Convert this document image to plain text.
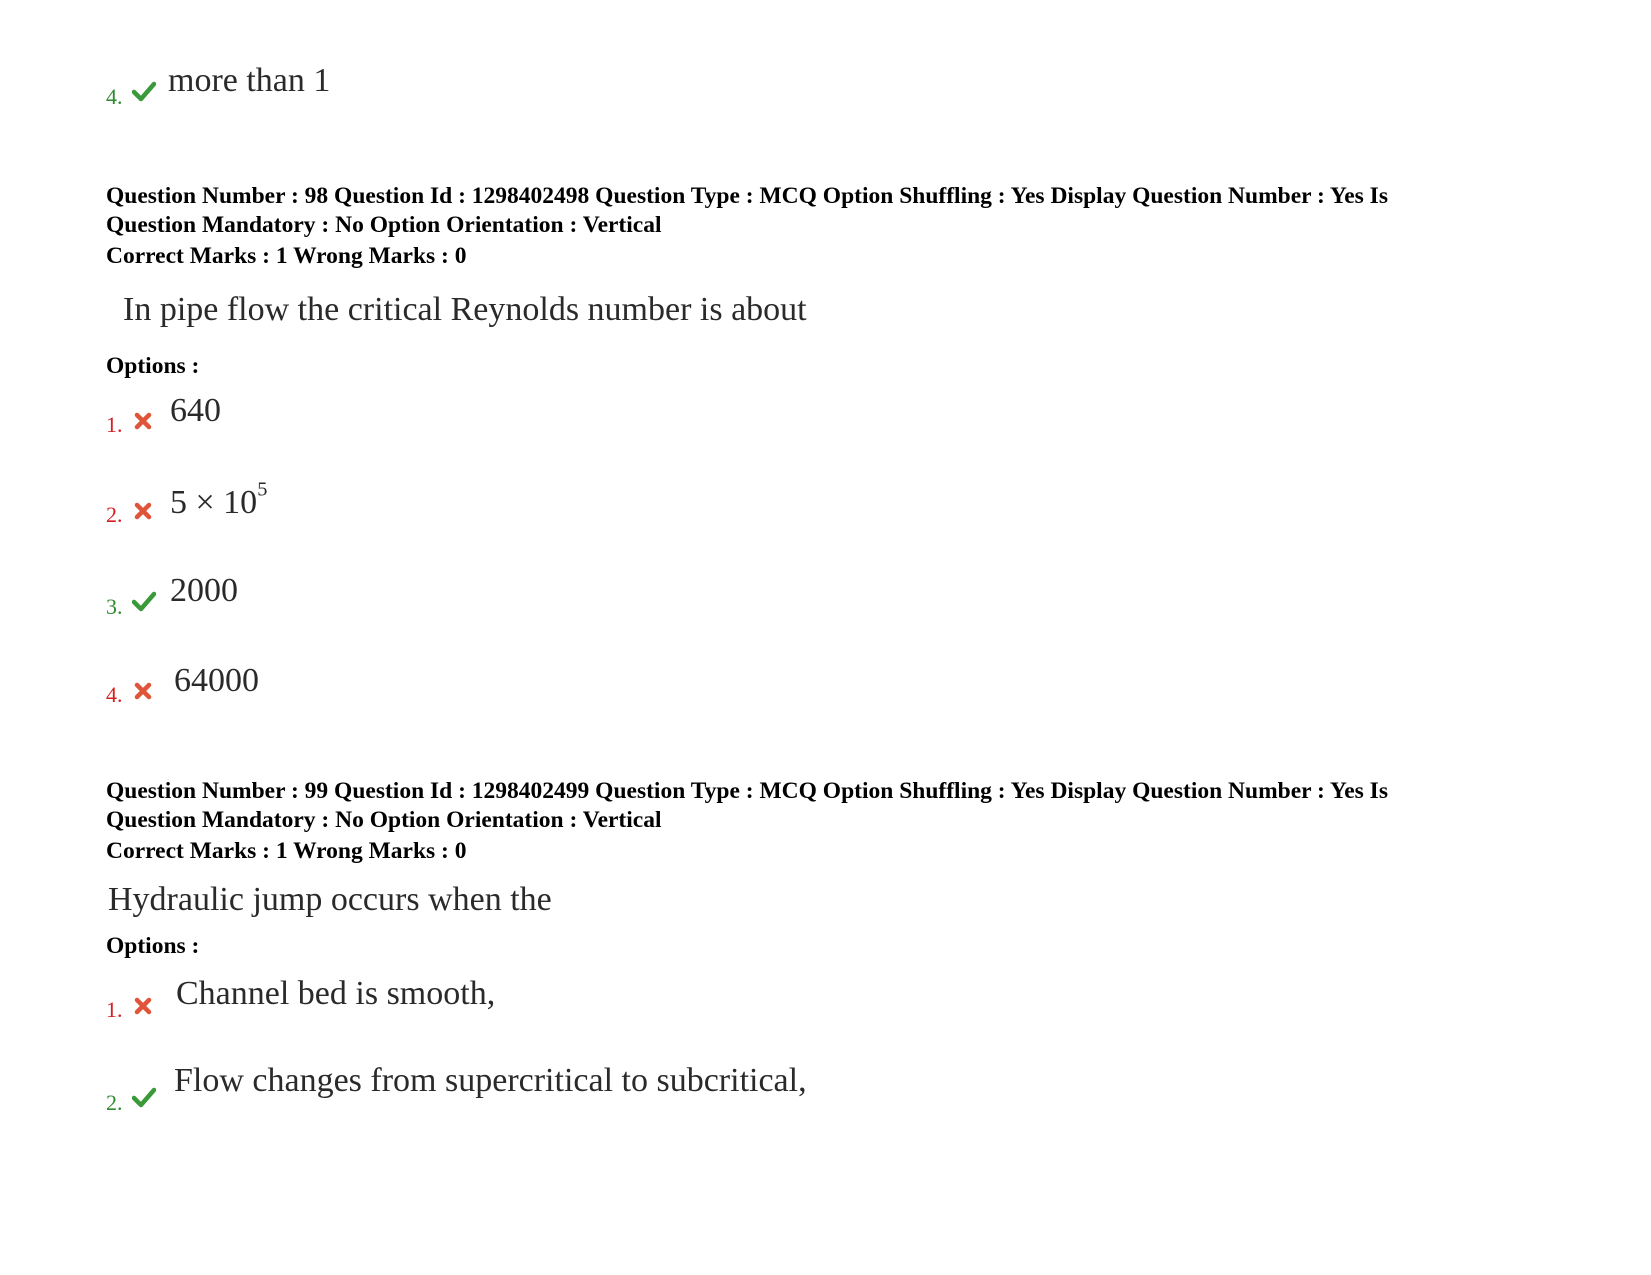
4. more than 1
Question Number : 98 Question Id : 1298402498 Question Type : MCQ Option Shuffling : Yes Display Question Number : Yes Is
Question Mandatory : No Option Orientation : Vertical
Correct Marks : 1 Wrong Marks : 0
In pipe flow the critical Reynolds number is about
Options :
1. 640
2. $5 \times 10^5$
3. 2000
4. 64000
Question Number : 99 Question Id : 1298402499 Question Type : MCQ Option Shuffling : Yes Display Question Number : Yes Is
Question Mandatory : No Option Orientation : Vertical
Correct Marks : 1 Wrong Marks : 0
Hydraulic jump occurs when the
Options :
1. Channel bed is smooth,
2.
Flow changes from supercritical to subcritical,
